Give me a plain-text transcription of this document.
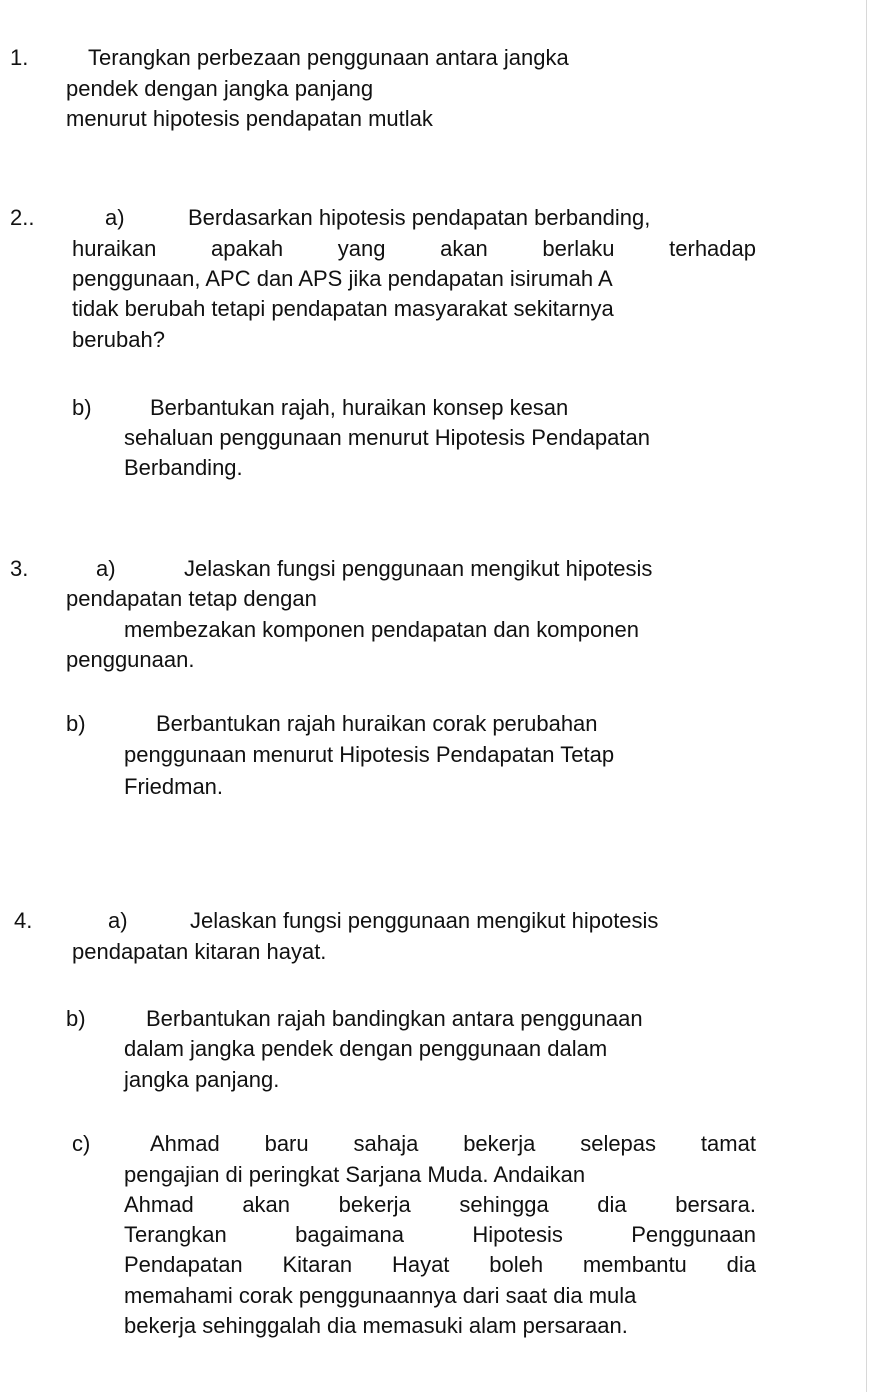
1.	Terangkan perbezaan penggunaan antara jangka
pendek dengan jangka panjang
menurut hipotesis pendapatan mutlak
2..	a)	Berdasarkan hipotesis pendapatan berbanding,
huraikan apakah yang akan berlaku terhadap
penggunaan, APC dan APS jika pendapatan isirumah A
tidak berubah tetapi pendapatan masyarakat sekitarnya
berubah?
b)	Berbantukan rajah, huraikan konsep kesan
sehaluan penggunaan menurut Hipotesis Pendapatan
Berbanding.
3.	a)	Jelaskan fungsi penggunaan mengikut hipotesis
pendapatan tetap dengan
membezakan komponen pendapatan dan komponen
penggunaan.
b)	Berbantukan rajah huraikan corak perubahan
penggunaan menurut Hipotesis Pendapatan Tetap
Friedman.
4.	a)	Jelaskan fungsi penggunaan mengikut hipotesis
pendapatan kitaran hayat.
b)	Berbantukan rajah bandingkan antara penggunaan
dalam jangka pendek dengan penggunaan dalam
jangka panjang.
c)	Ahmad baru sahaja bekerja selepas tamat
pengajian di peringkat Sarjana Muda. Andaikan
Ahmad akan bekerja sehingga dia bersara.
Terangkan	bagaimana	Hipotesis	Penggunaan
Pendapatan Kitaran Hayat boleh membantu dia
memahami corak penggunaannya dari saat dia mula
bekerja sehinggalah dia memasuki alam persaraan.
